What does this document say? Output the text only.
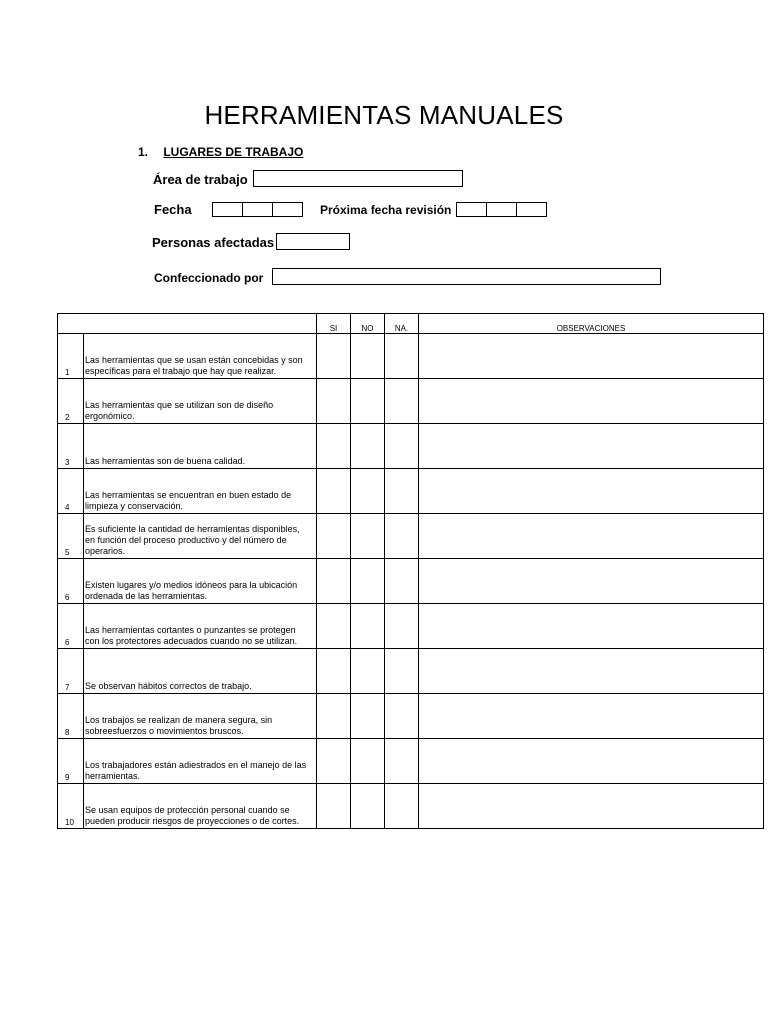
HERRAMIENTAS MANUALES
1. LUGARES DE TRABAJO
Área de trabajo
Fecha	Próxima fecha revisión
Personas afectadas
Confeccionado por
		SI	NO	NA.	OBSERVACIONES
1	Las herramientas que se usan están concebidas y son específicas para el trabajo que hay que realizar.				
2	Las herramientas que se utilizan son de diseño ergonómico.				
3	Las herramientas son de buena calidad.				
4	Las herramientas se encuentran en buen estado de limpieza y conservación.				
5	Es suficiente la cantidad de herramientas disponibles, en función del proceso productivo y del número de operarios.				
6	Existen lugares y/o medios idóneos para la ubicación ordenada de las herramientas.				
6	Las herramientas cortantes o punzantes se protegen con los protectores adecuados cuando no se utilizan.				
7	Se observan hábitos correctos de trabajo.				
8	Los trabajos se realizan de manera segura, sin sobreesfuerzos o movimientos bruscos.				
9	Los trabajadores están adiestrados en el manejo de las herramientas.				
10	Se usan equipos de protección personal cuando se pueden producir riesgos de proyecciones o de cortes.				
